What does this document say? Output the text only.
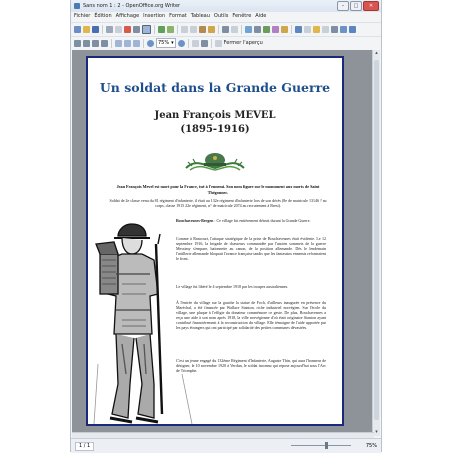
Sans nom 1 : 2 - OpenOffice.org Writer	–	□	✕
Fichier Édition Affichage Insertion Format Tableau Outils Fenêtre Aide
75% ▾	Fermer l'aperçu
▴
▾
1 / 1	75%
Un soldat dans la Grande Guerre
Jean François MEVEL
(1895-1916)
Jean François Mevel est mort pour la France, tué à l'ennemi. Son nom figure sur le monument aux morts de Saint Thégonnec.
Soldat de 2e classe venu du 81 régiment d'infanterie, il était au 132e régiment d'infanterie lors de son décès (8e de matricule 13146 ? au corps, classe 1915 22e régiment, n° de matricule 2074 au recrutement à Brest).
Bouchavesnes-Bergen : Ce village fut entièrement détruit durant la Grande Guerre.
Comme à Rancourt, l'attaque stratégique de la prise de Bouchavesnes était évidente. Le 12 septembre 1916, la brigade de chasseurs commandée par l'ancien sommets de la guerre Messimy s'empare, baïonnette au canon, de la position allemande. Dès le lendemain l'artillerie allemande bloquait l'avance française tandis que les fantassins ennemis reformaient le front.
Le village fut libéré le 4 septembre 1918 par les troupes australiennes.
À l'entrée du village sur la gauche la statue de Foch, d'ailleurs inaugurée en présence du Maréchal, a été financée par Wallace Stanton, riche industriel norvégien. Sur l'école du village, une plaque à l'effigie du donateur commémore ce geste. De plus, Bouchavesnes a reçu une aide à son nom après 1918, la ville norvégienne d'où était originaire Stanton ayant contribué financièrement à la reconstruction du village. Elle témoigne de l'aide apportée par les pays étrangers qui ont participé par solidarité des petites communes dévastées.
C'est un jeune engagé du 132ème Régiment d'Infanterie, Auguste Thin, qui aura l'honneur de désigner, le 10 novembre 1920 à Verdun, le soldat inconnu qui repose aujourd'hui sous l'Arc de Triomphe.
